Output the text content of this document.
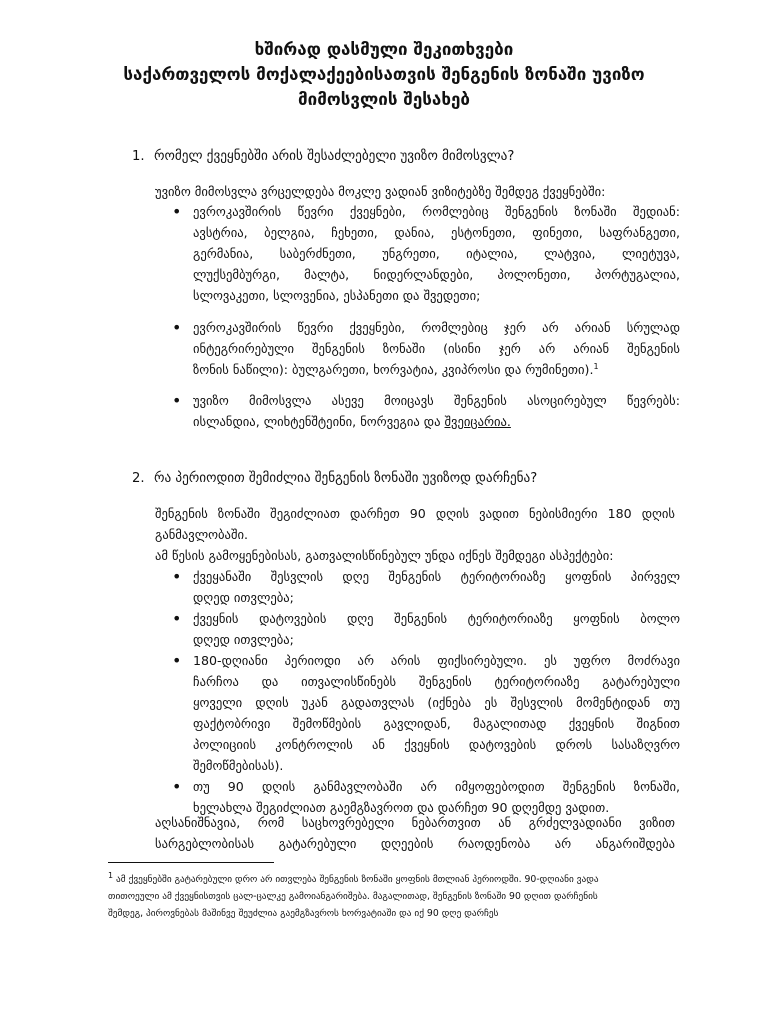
ხშირად დასმული შეკითხვები
საქართველოს მოქალაქეებისათვის შენგენის ზონაში უვიზო
მიმოსვლის შესახებ
1. რომელ ქვეყნებში არის შესაძლებელი უვიზო მიმოსვლა?
უვიზო მიმოსვლა ვრცელდება მოკლე ვადიან ვიზიტებზე შემდეგ ქვეყნებში:
• ევროკავშირის წევრი ქვეყნები, რომლებიც შენგენის ზონაში შედიან:
ავსტრია, ბელგია, ჩეხეთი, დანია, ესტონეთი, ფინეთი, საფრანგეთი,
გერმანია, საბერძნეთი, უნგრეთი, იტალია, ლატვია, ლიეტუვა,
ლუქსემბურგი, მალტა, ნიდერლანდები, პოლონეთი, პორტუგალია,
სლოვაკეთი, სლოვენია, ესპანეთი და შვედეთი;
• ევროკავშირის წევრი ქვეყნები, რომლებიც ჯერ არ არიან სრულად
ინტეგრირებული შენგენის ზონაში (ისინი ჯერ არ არიან შენგენის
ზონის ნაწილი): ბულგარეთი, ხორვატია, კვიპროსი და რუმინეთი).$^1$
• უვიზო მიმოსვლა ასევე მოიცავს შენგენის ასოცირებულ წევრებს:
ისლანდია, ლიხტენშტეინი, ნორვეგია და შვეიცარია.
2. რა პერიოდით შემიძლია შენგენის ზონაში უვიზოდ დარჩენა?
შენგენის ზონაში შეგიძლიათ დარჩეთ 90 დღის ვადით ნებისმიერი 180 დღის
განმავლობაში.
ამ წესის გამოყენებისას, გათვალისწინებულ უნდა იქნეს შემდეგი ასპექტები:
• ქვეყანაში შესვლის დღე შენგენის ტერიტორიაზე ყოფნის პირველ
დღედ ითვლება;
• ქვეყნის დატოვების დღე შენგენის ტერიტორიაზე ყოფნის ბოლო
დღედ ითვლება;
• 180-დღიანი პერიოდი არ არის ფიქსირებული. ეს უფრო მოძრავი
ჩარჩოა და ითვალისწინებს შენგენის ტერიტორიაზე გატარებული
ყოველი დღის უკან გადათვლას (იქნება ეს შესვლის მომენტიდან თუ
ფაქტობრივი შემოწმების გავლიდან, მაგალითად ქვეყნის შიგნით
პოლიციის კონტროლის ან ქვეყნის დატოვების დროს სასაზღვრო
შემოწმებისას).
• თუ 90 დღის განმავლობაში არ იმყოფებოდით შენგენის ზონაში,
ხელახლა შეგიძლიათ გაემგზავროთ და დარჩეთ 90 დღემდე ვადით.
აღსანიშნავია, რომ საცხოვრებელი ნებართვით ან გრძელვადიანი ვიზით
სარგებლობისას გატარებული დღეების რაოდენობა არ ანგარიშდება
$^1$ ამ ქვეყნებში გატარებული დრო არ ითვლება შენგენის ზონაში ყოფნის მთლიან პერიოდში. 90-დღიანი ვადა
თითოეული ამ ქვეყნისთვის ცალ-ცალკე გამოიანგარიშება. მაგალითად, შენგენის ზონაში 90 დღით დარჩენის
შემდეგ, პიროვნებას მაშინვე შეუძლია გაემგზავროს ხორვატიაში და იქ 90 დღე დარჩეს
